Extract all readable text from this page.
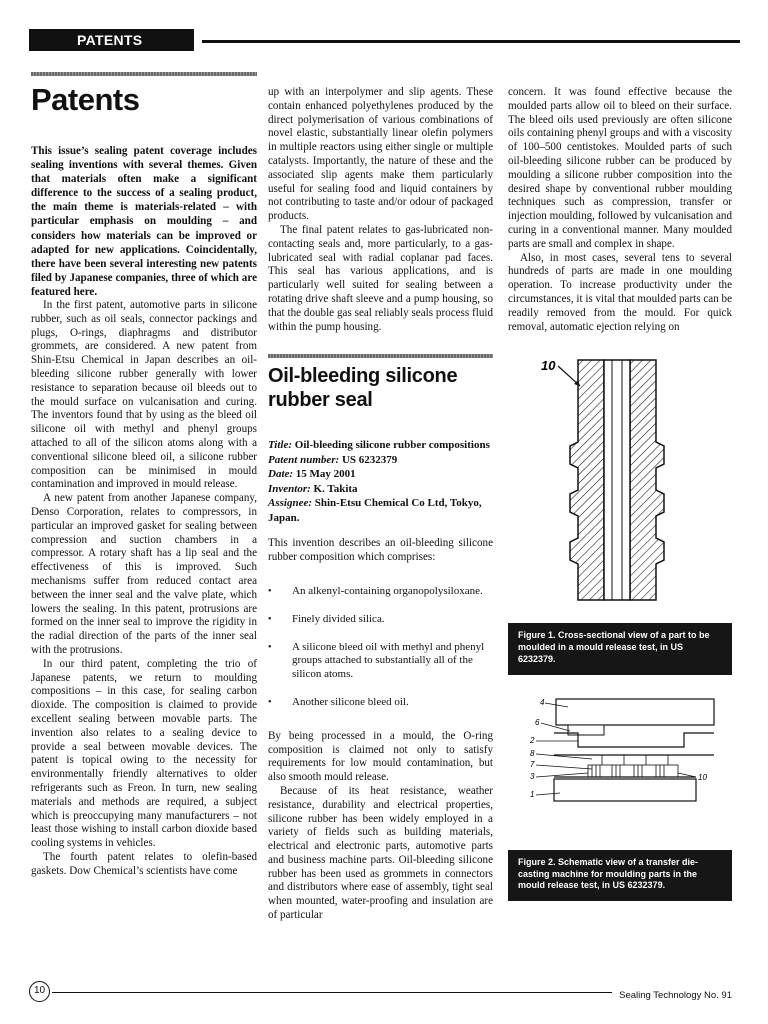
PATENTS
Patents

This issue’s sealing patent coverage includes sealing inventions with several themes. Given that materials often make a significant difference to the success of a sealing product, the main theme is materials-related – with particular emphasis on moulding – and considers how materials can be improved or adapted for new applications. Coincidentally, there have been several interesting new patents filed by Japanese companies, three of which are featured here.

In the first patent, automotive parts in silicone rubber, such as oil seals, connector packings and plugs, O-rings, diaphragms and distributor grommets, are considered. A new patent from Shin-Etsu Chemical in Japan describes an oil-bleeding silicone rubber generally with lower resistance to separation because oil bleeds out to the mould surface on vulcanisation and curing. The inventors found that by using as the bleed oil silicone oil with methyl and phenyl groups attached to all of the silicon atoms along with a conventional silicone bleed oil, a silicone rubber composition can be minimised in mould contamination and improved in mould release.

A new patent from another Japanese company, Denso Corporation, relates to compressors, in particular an improved gasket for sealing between compression and suction chambers in a compressor. A rotary shaft has a lip seal and the effectiveness of this is improved. Such mechanisms suffer from reduced contact area between the inner seal and the valve plate, which lowers the sealing. In this patent, protrusions are formed on the inner seal to improve the rigidity in the radial direction of the parts of the inner seal with the protrusions.

In our third patent, completing the trio of Japanese patents, we return to moulding compositions – in this case, for sealing carbon dioxide. The composition is claimed to provide excellent sealing between movable parts. The invention also relates to a sealing device to provide a seal between movable devices. The patent is topical owing to the necessity for environmentally friendly alternatives to older refrigerants such as Freon. In turn, new sealing materials and methods are required, a subject which is preoccupying many manufacturers – not least those wishing to install carbon dioxide based cooling systems in vehicles.

The fourth patent relates to olefin-based gaskets. Dow Chemical’s scientists have come

up with an interpolymer and slip agents. These contain enhanced polyethylenes produced by the direct polymerisation of various combinations of novel elastic, substantially linear olefin polymers in multiple reactors using either single or multiple catalysts. Importantly, the nature of these and the associated slip agents make them particularly useful for sealing food and liquid containers by not contributing to taste and/or odour of packaged products.

The final patent relates to gas-lubricated non-contacting seals and, more particularly, to a gas-lubricated seal with radial coplanar pad faces. This seal has various applications, and is particularly well suited for sealing between a rotating drive shaft sleeve and a pump housing, so that the double gas seal reliably seals process fluid within the pump housing.

Oil-bleeding silicone rubber seal
Title: Oil-bleeding silicone rubber compositions
Patent number: US 6232379
Date: 15 May 2001
Inventor: K. Takita
Assignee: Shin-Etsu Chemical Co Ltd, Tokyo, Japan.

This invention describes an oil-bleeding silicone rubber composition which comprises:

• An alkenyl-containing organopolysiloxane.
• Finely divided silica.
• A silicone bleed oil with methyl and phenyl groups attached to substantially all of the silicon atoms.
• Another silicone bleed oil.

By being processed in a mould, the O-ring composition is claimed not only to satisfy requirements for low mould contamination, but also smooth mould release.

Because of its heat resistance, weather resistance, durability and electrical properties, silicone rubber has been widely employed in a variety of fields such as building materials, electrical and electronic parts, automotive parts and business machine parts. Oil-bleeding silicone rubber has been used as grommets in connectors and distributors where ease of assembly, tight seal when mounted, water-proofing and insulation are of particular

concern. It was found effective because the moulded parts allow oil to bleed on their surface. The bleed oils used previously are often silicone oils containing phenyl groups and with a viscosity of 100–500 centistokes. Moulded parts of such oil-bleeding silicone rubber can be produced by moulding a silicone rubber composition into the desired shape by conventional rubber moulding techniques such as compression, transfer or injection moulding, followed by vulcanisation and curing in a conventional manner. Many moulded parts are small and complex in shape.

Also, in most cases, several tens to several hundreds of parts are made in one moulding operation. To increase productivity under the circumstances, it is vital that moulded parts can be readily removed from the mould. For quick removal, automatic ejection relying on

10
Figure 1. Cross-sectional view of a part to be moulded in a mould release test, in US 6232379.
4
6
2
8
7
3
1
10
Figure 2. Schematic view of a transfer die-casting machine for moulding parts in the mould release test, in US 6232379.
10	Sealing Technology No. 91
